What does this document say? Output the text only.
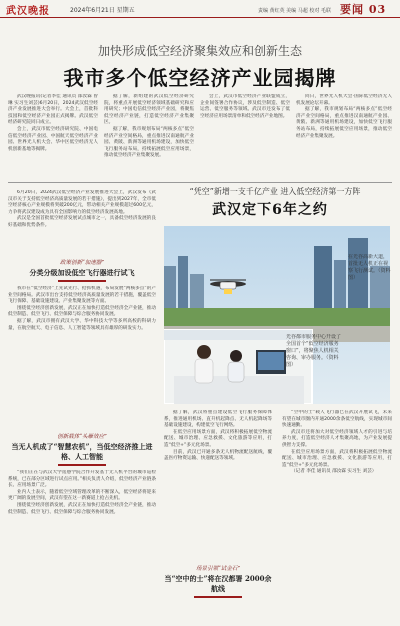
武汉晚报	2024年6月21日 星期五	责编 黄红英 美编 马超 校对 毛联 要闻 03
加快形成低空经济聚集效应和创新生态
我市多个低空经济产业园揭牌

武汉晚报讯(记者李佳 通讯员 邵汝霖 曾琳 实习生刘芸)6月20日，2024武汉低空经济产业发展推进大会举行。大会上，首批科技园和低空经济产业园正式揭牌。武汉低空经济研究院同日成立。

会上，武汉市低空经济研究院、中国电信低空经济产业园、中国航天低空经济产业园、世界光人机大会、华中区低空经济无人机创新基地等揭牌。

据了解，新组建的武汉低空经济研究院，将重点开展低空经济领域基础研究和应用研究；中国电信低空经济产业园，将聚焦低空经济产业链，打造低空经济产业集聚区。

据了解，我市规划布局“两核多点”低空经济产业空间格局，重点推进汉南通航产业园、黄陂、新洲等通用机场建设，加快低空飞行服务站布局，持续拓展低空应用场景，推动低空经济产业集聚发展。

会上，武汉市低空经济产业联盟成立，企业间签署合作协议，涉及低空制造、低空运营、低空服务等领域。武汉市还发布了低空经济应用场景清单和低空经济产业地图。

同日，世界光人机大会·国际低空经济无人机发展论坛开幕。

据了解，我市规划布局“两核多点”低空经济产业空间格局，重点推进汉南通航产业园、黄陂、新洲等通用机场建设，加快低空飞行服务站布局，持续拓展低空应用场景，推动低空经济产业集聚发展。

6月20日，2024武汉低空经济产业发展推进大会上，武汉发布《武汉市关于支持低空经济高质量发展的若干措施》，提出到2027年，全市低空经济核心产业规模将突破200亿元，带动相关产业规模超过600亿元，力争将武汉建设成为具有全国影响力的低空经济发展高地。

武汉是全国首批低空经济发展试点城市之一，具备低空经济发展的良好基础和优势条件。

“凭空”新增一支千亿产业 进入低空经济第一方阵
武汉定下6年之约
政策创新“加速器”
分类分级加设低空飞行器进行试飞

我市在“低空经济”上先试先行、抢抓机遇，布局发展“两核多点”的产业空间格局。武汉市出台支持低空经济高质量发展的若干措施，覆盖低空飞行保障、基础设施建设、产业集聚发展等方面。

围绕低空经济创新发展，武汉正在加快打造低空经济全产业链，推动低空制造、低空飞行、低空保障与综合服务协同发展。

据了解，武汉市拥有武汉大学、华中科技大学等多所高校的科研力量，在航空航天、电子信息、人工智能等领域具有雄厚的研发实力。

创新载体“头雁效应”
当无人机成了“智慧农机”，当低空经济推上进格、人工智能

“我们正在与武汉大学遥感学院合作开发基于无人机平台的城市巡检系统，已在部分区域进行试点应用。”相关负责人介绍，低空经济产业链条长、应用场景广泛。

业内人士表示，随着低空空域管理改革的不断深入，低空经济将迎来更广阔的发展空间，武汉有望在这一新赛道上抢占先机。

围绕低空经济创新发展，武汉正在加快打造低空经济全产业链，推动低空制造、低空飞行、低空保障与综合服务协同发展。

在光谷高新大道，首批无人机正在视察飞行测试。（资料图）
光谷都市服务中心开设了全国首个“低空经济服务窗口”，将聚焦人机相关咨询、审办服务。（资料图）

据了解，武汉将重点建设低空飞行服务保障体系，推进通用机场、直升机起降点、无人机起降场等基础设施建设，构建低空飞行网络。

在低空应用场景方面，武汉将积极拓展低空物流配送、城市治理、应急救援、文化旅游等应用，打造“低空+”多元化场景。

目前，武汉已开通多条无人机物流配送航线，覆盖医疗物资运输、快递配送等领域。

场景引领“试金石”
当“空中的士”将在汉都署 2000余航线

“空中的士”载人飞行器已在武汉开展试飞，未来有望在城市圈内开通2000余条低空航线，实现城市间快速通勤。

武汉市还将加大对低空经济领域人才的引进与培养力度，打造低空经济人才集聚高地，为产业发展提供智力支撑。

在低空应用场景方面，武汉将积极拓展低空物流配送、城市治理、应急救援、文化旅游等应用，打造“低空+”多元化场景。

（记者 李佳 通讯员 邵汝霖 实习生 刘芸）
